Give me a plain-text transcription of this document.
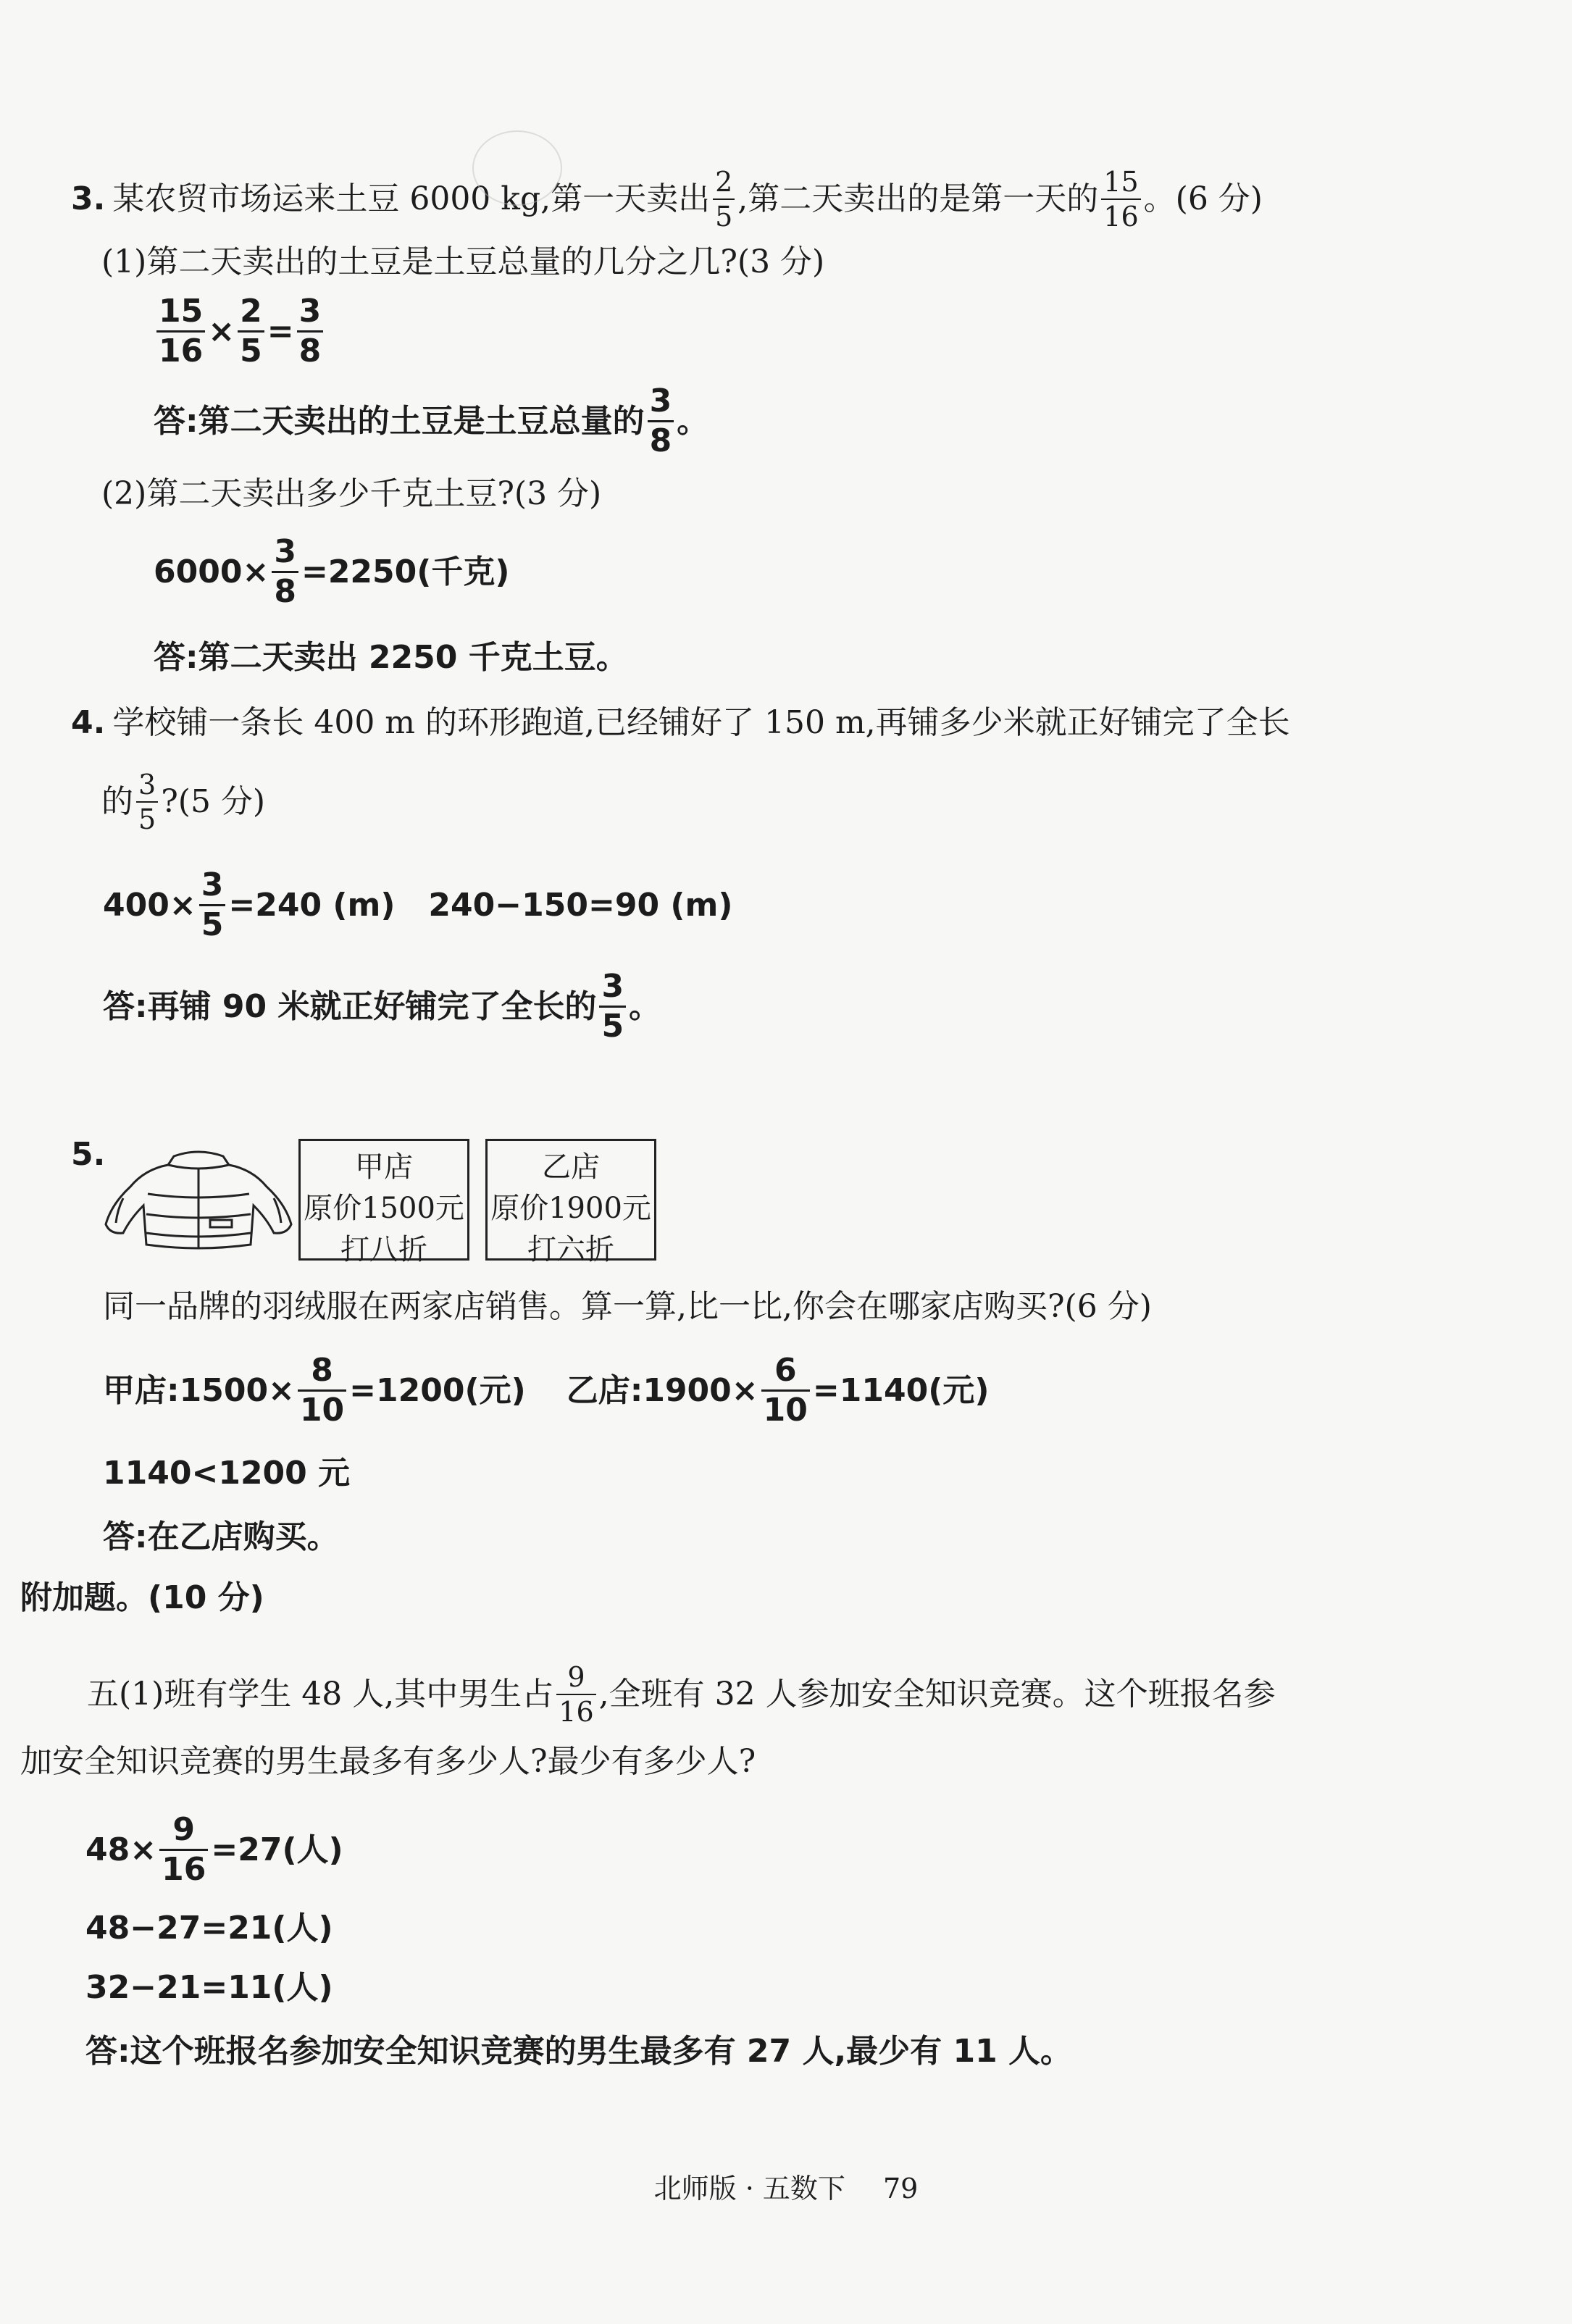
3. 某农贸市场运来土豆 6000 kg,第一天卖出 $\frac{2}{5}$ ,第二天卖出的是第一天的 $\frac{15}{16}$ 。(6 分)
(1)第二天卖出的土豆是土豆总量的几分之几?(3 分)
$\frac{15}{16} \times \frac{2}{5} = \frac{3}{8}$
答:第二天卖出的土豆是土豆总量的 $\frac{3}{8}$ 。
(2)第二天卖出多少千克土豆?(3 分)
$6000\times \frac{3}{8} =2250$(千克)
答:第二天卖出 2250 千克土豆。
4. 学校铺一条长 400 m 的环形跑道,已经铺好了 150 m,再铺多少米就正好铺完了全长
的 $\frac{3}{5}$ ?(5 分)
$400\times \frac{3}{5} =240$ (m)   240−150=90 (m)
答:再铺 90 米就正好铺完了全长的 $\frac{3}{5}$ 。
5.	甲店
原价1500元
打八折
乙店
原价1900元
打六折
同一品牌的羽绒服在两家店销售。算一算,比一比,你会在哪家店购买?(6 分)
甲店:1500× $\frac{8}{10} =1200$(元) 乙店:1900× $\frac{6}{10} =1140$(元)
1140<1200 元
答:在乙店购买。
附加题。(10 分)
五(1)班有学生 48 人,其中男生占 $\frac{9}{16}$ ,全班有 32 人参加安全知识竞赛。这个班报名参
加安全知识竞赛的男生最多有多少人?最少有多少人?
$48\times \frac{9}{16} =27$(人)
48−27=21(人)
32−21=11(人)
答:这个班报名参加安全知识竞赛的男生最多有 27 人,最少有 11 人。
北师版 · 五数下 79
